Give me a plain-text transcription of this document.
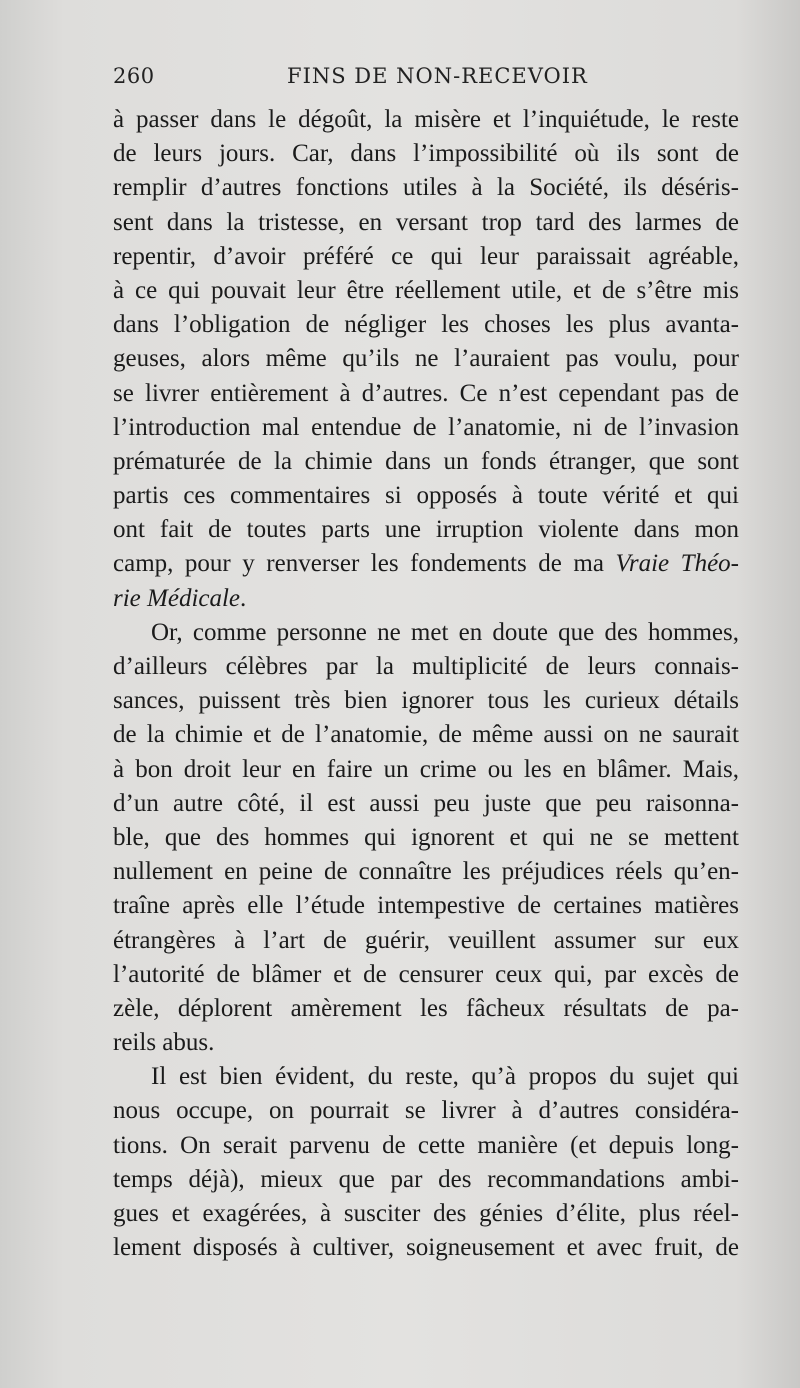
260	FINS DE NON-RECEVOIR
à passer dans le dégoût, la misère et l’inquiétude, le reste
de leurs jours. Car, dans l’impossibilité où ils sont de
remplir d’autres fonctions utiles à la Société, ils déséris-
sent dans la tristesse, en versant trop tard des larmes de
repentir, d’avoir préféré ce qui leur paraissait agréable,
à ce qui pouvait leur être réellement utile, et de s’être mis
dans l’obligation de négliger les choses les plus avanta-
geuses, alors même qu’ils ne l’auraient pas voulu, pour
se livrer entièrement à d’autres. Ce n’est cependant pas de
l’introduction mal entendue de l’anatomie, ni de l’invasion
prématurée de la chimie dans un fonds étranger, que sont
partis ces commentaires si opposés à toute vérité et qui
ont fait de toutes parts une irruption violente dans mon
camp, pour y renverser les fondements de ma Vraie Théo-
rie Médicale.
Or, comme personne ne met en doute que des hommes,
d’ailleurs célèbres par la multiplicité de leurs connais-
sances, puissent très bien ignorer tous les curieux détails
de la chimie et de l’anatomie, de même aussi on ne saurait
à bon droit leur en faire un crime ou les en blâmer. Mais,
d’un autre côté, il est aussi peu juste que peu raisonna-
ble, que des hommes qui ignorent et qui ne se mettent
nullement en peine de connaître les préjudices réels qu’en-
traîne après elle l’étude intempestive de certaines matières
étrangères à l’art de guérir, veuillent assumer sur eux
l’autorité de blâmer et de censurer ceux qui, par excès de
zèle, déplorent amèrement les fâcheux résultats de pa-
reils abus.
Il est bien évident, du reste, qu’à propos du sujet qui
nous occupe, on pourrait se livrer à d’autres considéra-
tions. On serait parvenu de cette manière (et depuis long-
temps déjà), mieux que par des recommandations ambi-
gues et exagérées, à susciter des génies d’élite, plus réel-
lement disposés à cultiver, soigneusement et avec fruit, de
